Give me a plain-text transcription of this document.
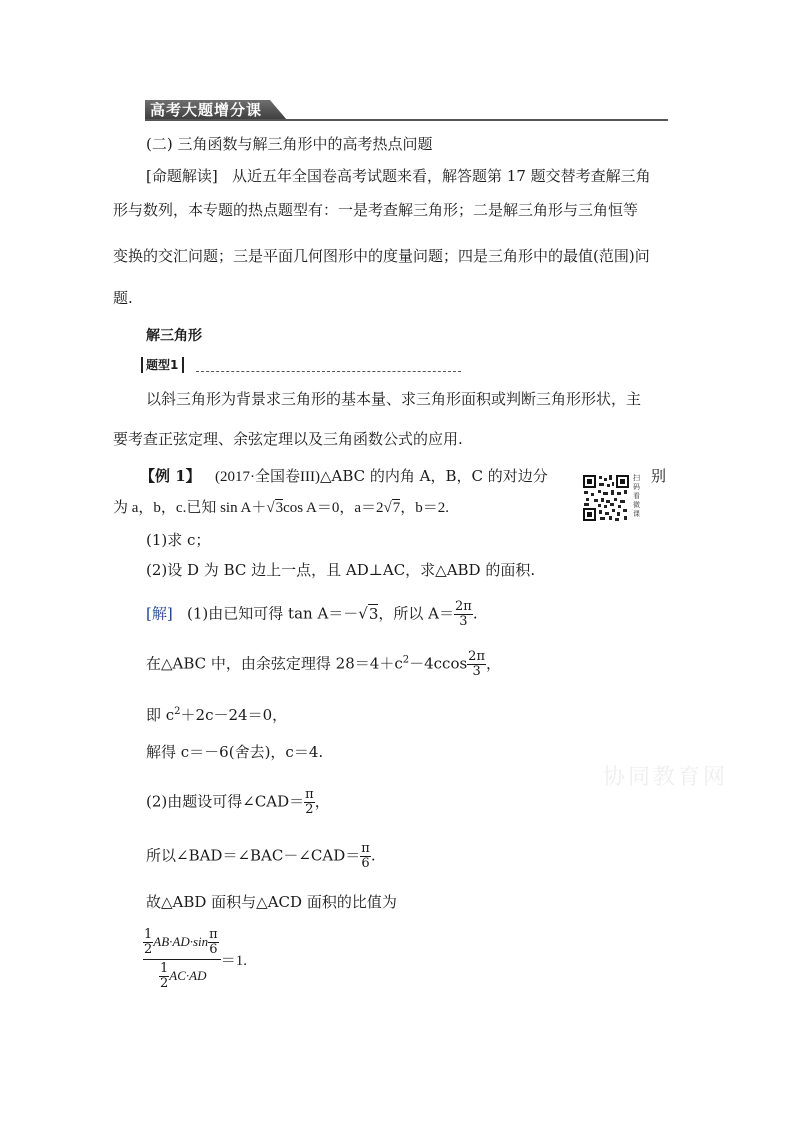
高考大题增分课
(二) 三角函数与解三角形中的高考热点问题
[命题解读] 从近五年全国卷高考试题来看，解答题第 17 题交替考查解三角
形与数列，本专题的热点题型有：一是考查解三角形；二是解三角形与三角恒等
变换的交汇问题；三是平面几何图形中的度量问题；四是三角形中的最值(范围)问
题.
解三角形
题型1
以斜三角形为背景求三角形的基本量、求三角形面积或判断三角形形状，主
要考查正弦定理、余弦定理以及三角函数公式的应用.
【例 1】 (2017·全国卷III)△ABC 的内角 A，B，C 的对边分	别
扫码看微课
为 a，b，c.已知 sin A＋√3cos A＝0，a＝2√7，b＝2.
(1)求 c；
(2)设 D 为 BC 边上一点，且 AD⊥AC，求△ABD 的面积.
[解] (1)由已知可得 tan A＝－√3，所以 $A= \frac{2\pi}{3}$ .
在△ABC 中，由余弦定理得 $28=4+c^2-4ccos \frac{2\pi}{3}$ ，
即 $c^2+2c-24=0$，
解得 c＝－6(舍去)，c＝4.
(2)由题设可得∠CAD＝ $\frac{\pi}{2}$ ，
所以∠BAD＝∠BAC－∠CAD＝ $\frac{\pi}{6}$ .
故△ABD 面积与△ACD 面积的比值为
$\frac{\frac{1}{2} AB\cdot AD\cdot\sin \frac{\pi}{6}}{\frac{1}{2} AC\cdot AD} =1$.
协同教育网
